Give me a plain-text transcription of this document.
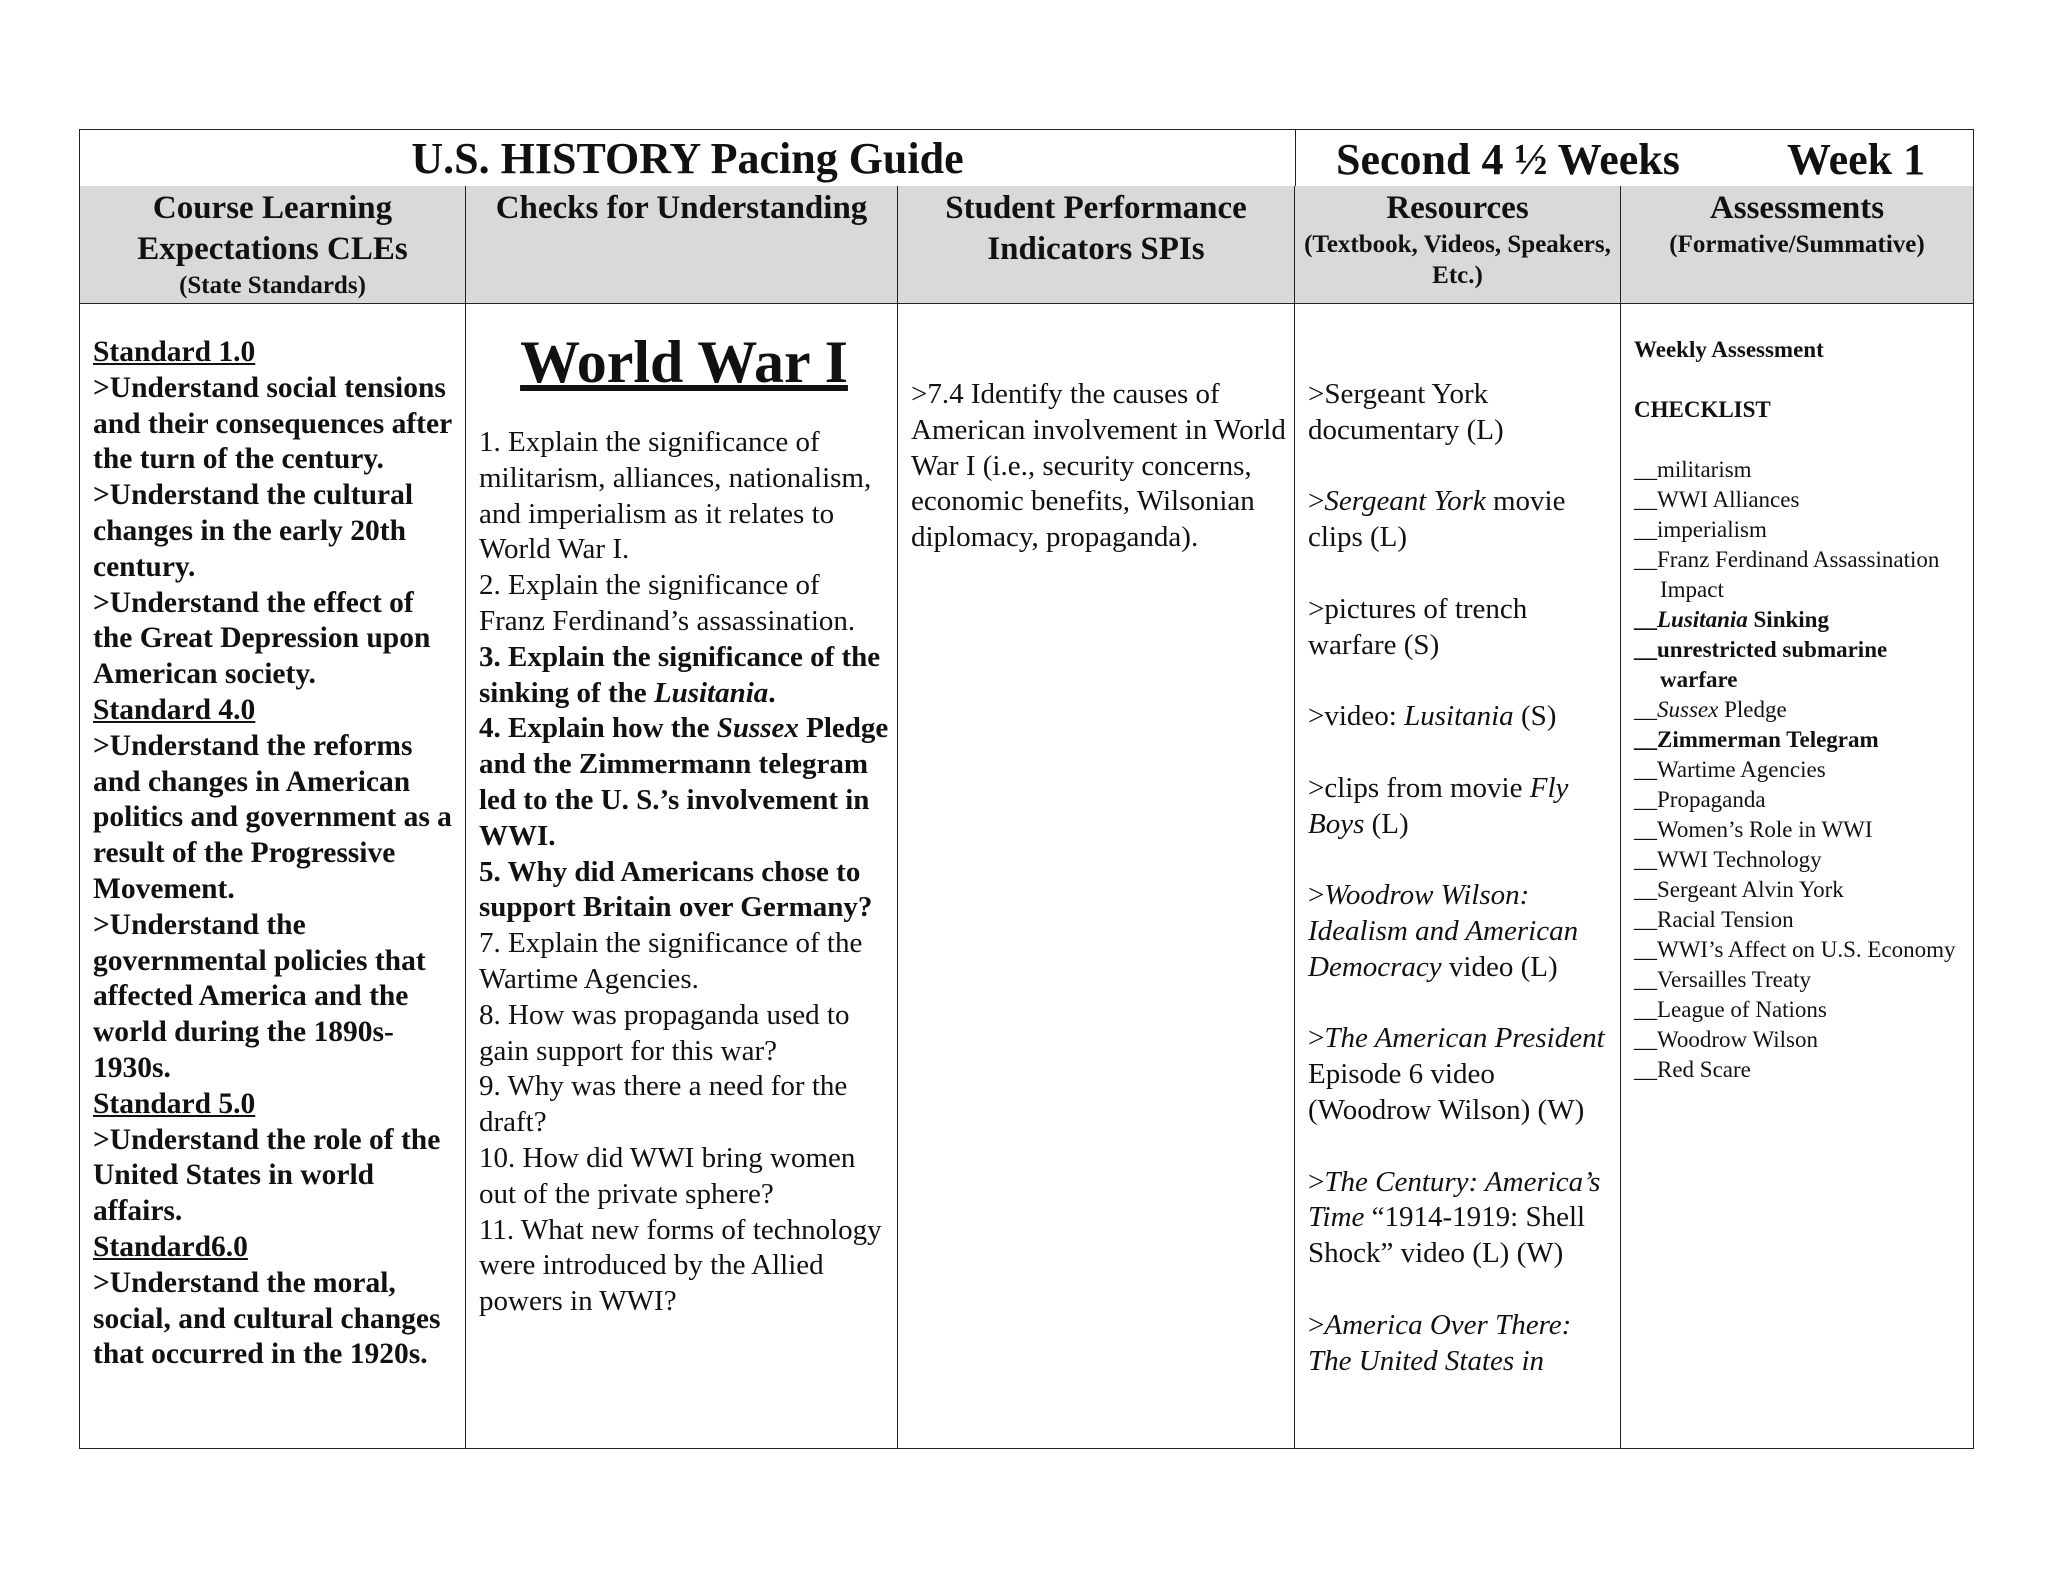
U.S. HISTORY Pacing Guide	Second 4 ½ Weeks Week 1
Course Learning Expectations CLEs
(State Standards)
Checks for Understanding	Student Performance Indicators SPIs
Resources
(Textbook, Videos, Speakers, Etc.)
Assessments
(Formative/Summative)
Standard 1.0
>Understand social tensions and their consequences after the turn of the century.
>Understand the cultural changes in the early 20th century.
>Understand the effect of the Great Depression upon American society.
Standard 4.0
>Understand the reforms and changes in American politics and government as a result of the Progressive Movement.
>Understand the governmental policies that affected America and the world during the 1890s-1930s.
Standard 5.0
>Understand the role of the United States in world affairs.
Standard6.0
>Understand the moral, social, and cultural changes that occurred in the 1920s.
World War I
1. Explain the significance of militarism, alliances, nationalism, and imperialism as it relates to World War I.
2. Explain the significance of Franz Ferdinand’s assassination.
3. Explain the significance of the sinking of the Lusitania.
4. Explain how the Sussex Pledge and the Zimmermann telegram led to the U. S.’s involvement in WWI.
5. Why did Americans chose to support Britain over Germany?
7. Explain the significance of the Wartime Agencies.
8. How was propaganda used to gain support for this war?
9. Why was there a need for the draft?
10. How did WWI bring women out of the private sphere?
11. What new forms of technology were introduced by the Allied powers in WWI?
>7.4 Identify the causes of American involvement in World War I (i.e., security concerns, economic benefits, Wilsonian diplomacy, propaganda).
>Sergeant York documentary (L)
>Sergeant York movie clips (L)
>pictures of trench warfare (S)
>video: Lusitania (S)
>clips from movie Fly Boys (L)
>Woodrow Wilson: Idealism and American Democracy video (L)
>The American President Episode 6 video (Woodrow Wilson) (W)
>The Century: America’s Time “1914-1919: Shell Shock” video (L) (W)
>America Over There: The United States in
Weekly Assessment
CHECKLIST
__militarism
__WWI Alliances
__imperialism
__Franz Ferdinand Assassination Impact
__Lusitania Sinking
__unrestricted submarine warfare
__Sussex Pledge
__Zimmerman Telegram
__Wartime Agencies
__Propaganda
__Women’s Role in WWI
__WWI Technology
__Sergeant Alvin York
__Racial Tension
__WWI’s Affect on U.S. Economy
__Versailles Treaty
__League of Nations
__Woodrow Wilson
__Red Scare
